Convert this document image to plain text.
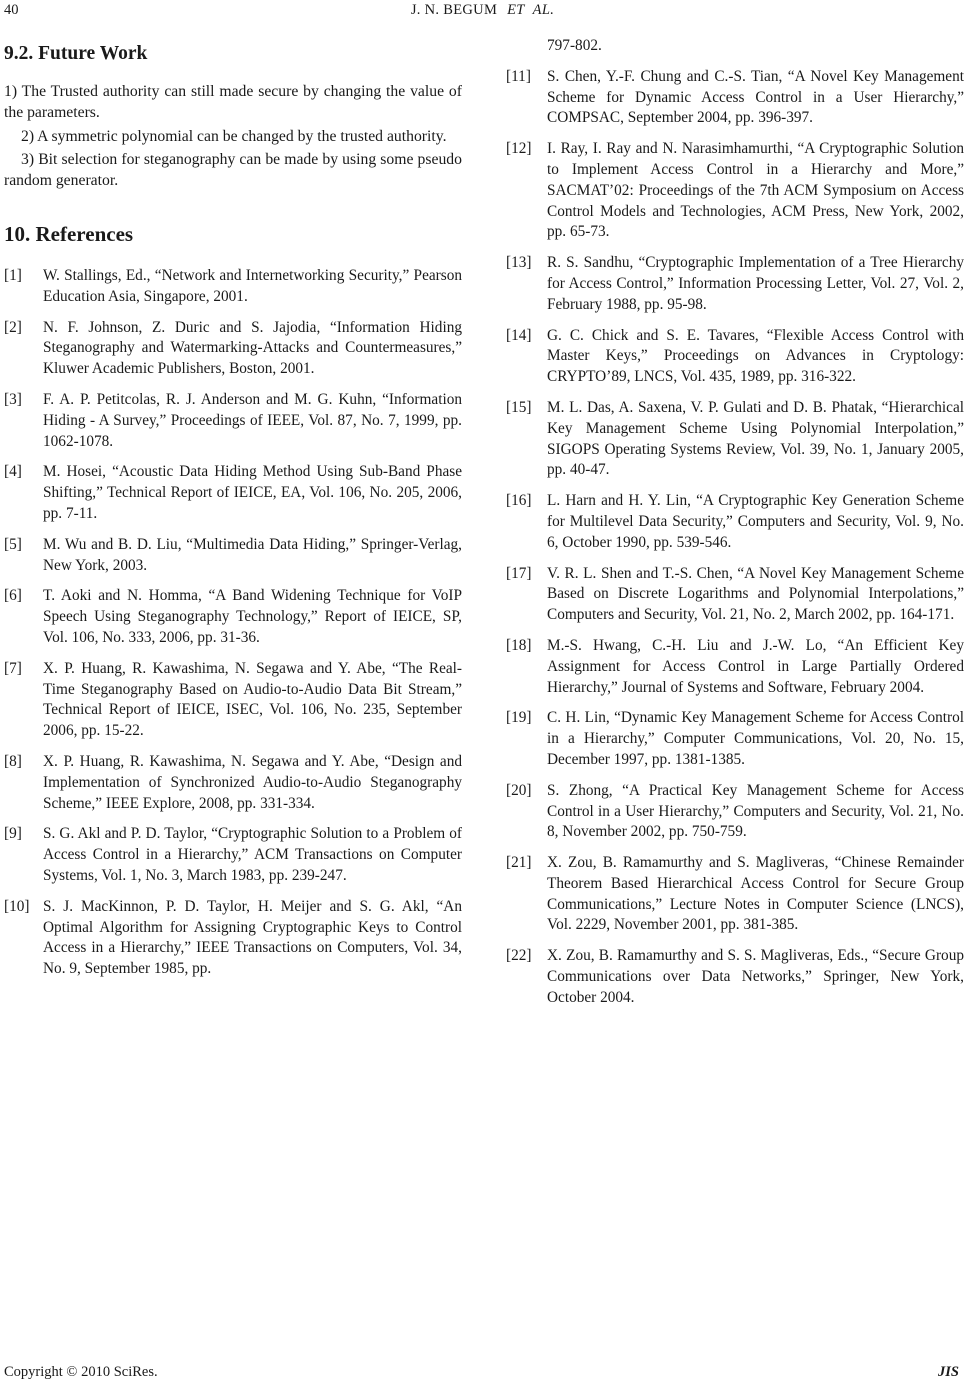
40	J. N. BEGUM ET AL.
9.2. Future Work

1) The Trusted authority can still made secure by changing the value of the parameters.

2) A symmetric polynomial can be changed by the trusted authority.

3) Bit selection for steganography can be made by using some pseudo random generator.

10. References
[1]	W. Stallings, Ed., “Network and Internetworking Security,” Pearson Education Asia, Singapore, 2001.
[2]	N. F. Johnson, Z. Duric and S. Jajodia, “Information Hiding Steganography and Watermarking-Attacks and Countermeasures,” Kluwer Academic Publishers, Boston, 2001.
[3]	F. A. P. Petitcolas, R. J. Anderson and M. G. Kuhn, “Information Hiding - A Survey,” Proceedings of IEEE, Vol. 87, No. 7, 1999, pp. 1062-1078.
[4]	M. Hosei, “Acoustic Data Hiding Method Using Sub-Band Phase Shifting,” Technical Report of IEICE, EA, Vol. 106, No. 205, 2006, pp. 7-11.
[5]	M. Wu and B. D. Liu, “Multimedia Data Hiding,” Springer-Verlag, New York, 2003.
[6]	T. Aoki and N. Homma, “A Band Widening Technique for VoIP Speech Using Steganography Technology,” Report of IEICE, SP, Vol. 106, No. 333, 2006, pp. 31-36.
[7]	X. P. Huang, R. Kawashima, N. Segawa and Y. Abe, “The Real-Time Steganography Based on Audio-to-Audio Data Bit Stream,” Technical Report of IEICE, ISEC, Vol. 106, No. 235, September 2006, pp. 15-22.
[8]	X. P. Huang, R. Kawashima, N. Segawa and Y. Abe, “Design and Implementation of Synchronized Audio-to-Audio Steganography Scheme,” IEEE Explore, 2008, pp. 331-334.
[9]	S. G. Akl and P. D. Taylor, “Cryptographic Solution to a Problem of Access Control in a Hierarchy,” ACM Transactions on Computer Systems, Vol. 1, No. 3, March 1983, pp. 239-247.
[10] S. J. MacKinnon, P. D. Taylor, H. Meijer and S. G. Akl, “An Optimal Algorithm for Assigning Cryptographic Keys to Control Access in a Hierarchy,” IEEE Transactions on Computers, Vol. 34, No. 9, September 1985, pp.
797-802.
[11]	S. Chen, Y.-F. Chung and C.-S. Tian, “A Novel Key Management Scheme for Dynamic Access Control in a User Hierarchy,” COMPSAC, September 2004, pp. 396-397.
[12]	I. Ray, I. Ray and N. Narasimhamurthi, “A Cryptographic Solution to Implement Access Control in a Hierarchy and More,” SACMAT’02: Proceedings of the 7th ACM Symposium on Access Control Models and Technologies, ACM Press, New York, 2002, pp. 65-73.
[13]	R. S. Sandhu, “Cryptographic Implementation of a Tree Hierarchy for Access Control,” Information Processing Letter, Vol. 27, Vol. 2, February 1988, pp. 95-98.
[14]	G. C. Chick and S. E. Tavares, “Flexible Access Control with Master Keys,” Proceedings on Advances in Cryptology: CRYPTO’89, LNCS, Vol. 435, 1989, pp. 316-322.
[15]	M. L. Das, A. Saxena, V. P. Gulati and D. B. Phatak, “Hierarchical Key Management Scheme Using Polynomial Interpolation,” SIGOPS Operating Systems Review, Vol. 39, No. 1, January 2005, pp. 40-47.
[16]	L. Harn and H. Y. Lin, “A Cryptographic Key Generation Scheme for Multilevel Data Security,” Computers and Security, Vol. 9, No. 6, October 1990, pp. 539-546.
[17]	V. R. L. Shen and T.-S. Chen, “A Novel Key Management Scheme Based on Discrete Logarithms and Polynomial Interpolations,” Computers and Security, Vol. 21, No. 2, March 2002, pp. 164-171.
[18]	M.-S. Hwang, C.-H. Liu and J.-W. Lo, “An Efficient Key Assignment for Access Control in Large Partially Ordered Hierarchy,” Journal of Systems and Software, February 2004.
[19]	C. H. Lin, “Dynamic Key Management Scheme for Access Control in a Hierarchy,” Computer Communications, Vol. 20, No. 15, December 1997, pp. 1381-1385.
[20]	S. Zhong, “A Practical Key Management Scheme for Access Control in a User Hierarchy,” Computers and Security, Vol. 21, No. 8, November 2002, pp. 750-759.
[21]	X. Zou, B. Ramamurthy and S. Magliveras, “Chinese Remainder Theorem Based Hierarchical Access Control for Secure Group Communications,” Lecture Notes in Computer Science (LNCS), Vol. 2229, November 2001, pp. 381-385.
[22]	X. Zou, B. Ramamurthy and S. S. Magliveras, Eds., “Secure Group Communications over Data Networks,” Springer, New York, October 2004.
Copyright © 2010 SciRes.	JIS
